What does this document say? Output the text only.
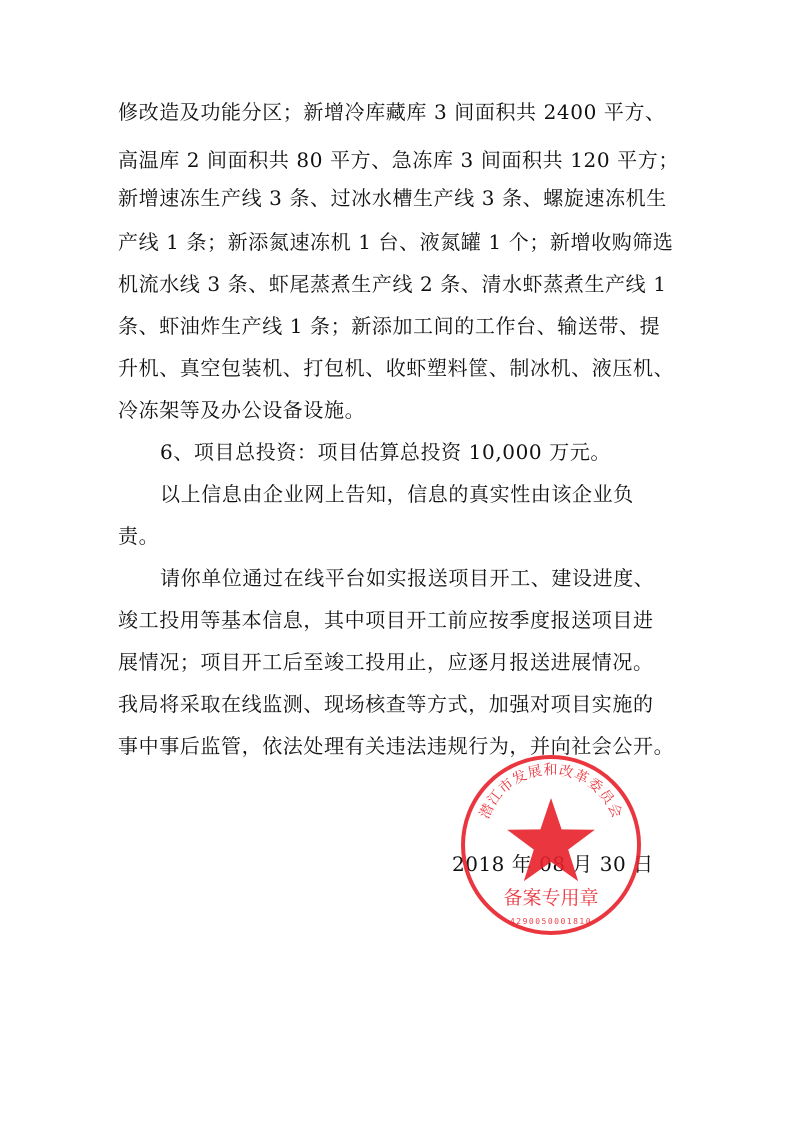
修改造及功能分区；新增冷库藏库 3 间面积共 2400 平方、
高温库 2 间面积共 80 平方、急冻库 3 间面积共 120 平方；
新增速冻生产线 3 条、过冰水槽生产线 3 条、螺旋速冻机生
产线 1 条；新添氮速冻机 1 台、液氮罐 1 个；新增收购筛选
机流水线 3 条、虾尾蒸煮生产线 2 条、清水虾蒸煮生产线 1
条、虾油炸生产线 1 条；新添加工间的工作台、输送带、提
升机、真空包装机、打包机、收虾塑料筐、制冰机、液压机、
冷冻架等及办公设备设施。
6、项目总投资：项目估算总投资 10,000 万元。
以上信息由企业网上告知，信息的真实性由该企业负
责。
请你单位通过在线平台如实报送项目开工、建设进度、
竣工投用等基本信息，其中项目开工前应按季度报送项目进
展情况；项目开工后至竣工投用止，应逐月报送进展情况。
我局将采取在线监测、现场核查等方式，加强对项目实施的
事中事后监管，依法处理有关违法违规行为，并向社会公开。
2018 年 08 月 30 日
潜江市发展和改革委员会
备案专用章
4290050001810
